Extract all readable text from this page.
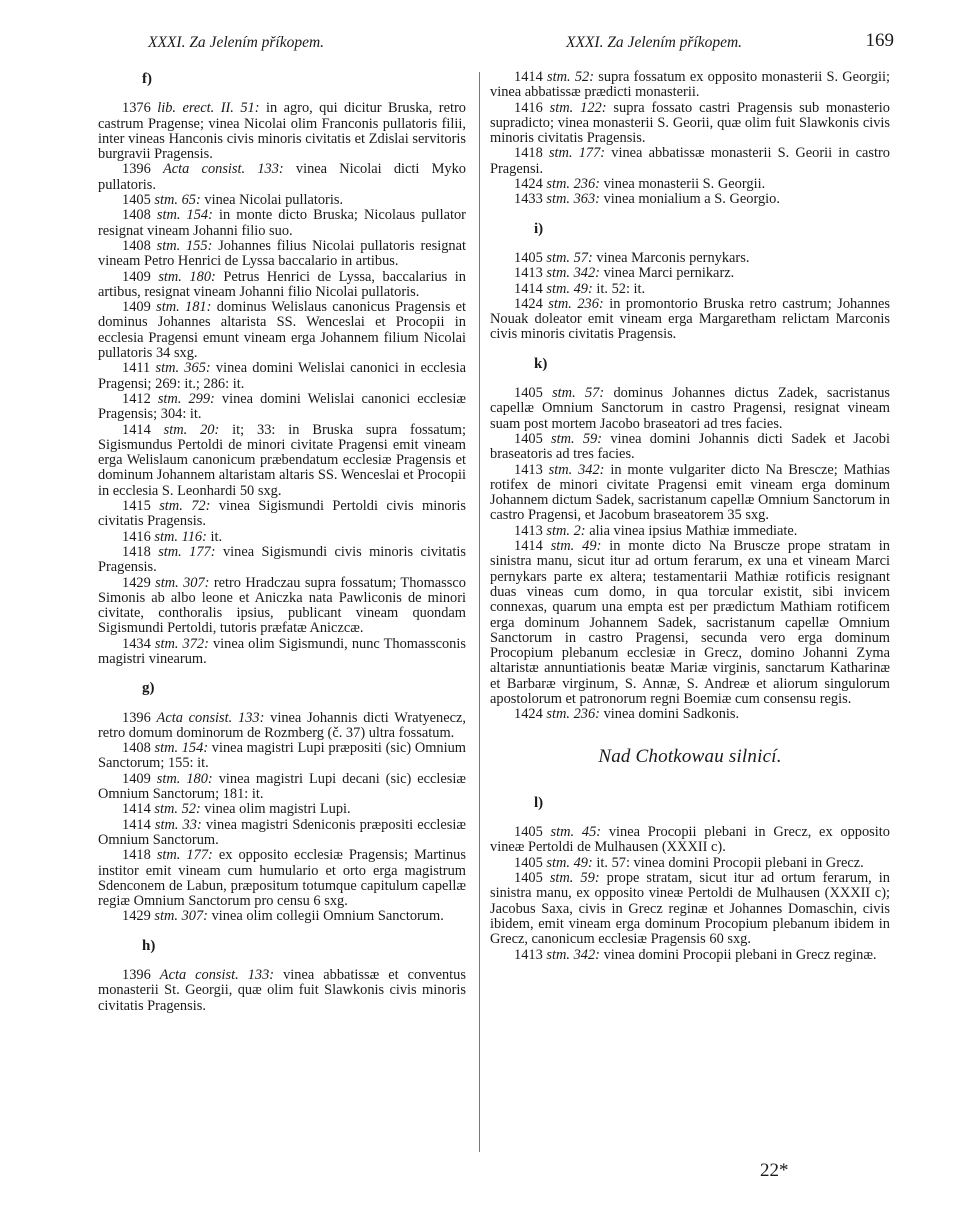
XXXI. Za Jelením příkopem.	XXXI. Za Jelením příkopem.	169
f)

1376 lib. erect. II. 51: in agro, qui dicitur Bruska, retro castrum Pragense; vinea Nicolai olim Franconis pullatoris filii, inter vineas Hanconis civis minoris civitatis et Zdislai servitoris burgravii Pragensis.

1396 Acta consist. 133: vinea Nicolai dicti Myko pullatoris.

1405 stm. 65: vinea Nicolai pullatoris.

1408 stm. 154: in monte dicto Bruska; Nicolaus pullator resignat vineam Johanni filio suo.

1408 stm. 155: Johannes filius Nicolai pullatoris resignat vineam Petro Henrici de Lyssa baccalario in artibus.

1409 stm. 180: Petrus Henrici de Lyssa, baccalarius in artibus, resignat vineam Johanni filio Nicolai pullatoris.

1409 stm. 181: dominus Welislaus canonicus Pragensis et dominus Johannes altarista SS. Wenceslai et Procopii in ecclesia Pragensi emunt vineam erga Johannem filium Nicolai pullatoris 34 sxg.

1411 stm. 365: vinea domini Welislai canonici in ecclesia Pragensi; 269: it.; 286: it.

1412 stm. 299: vinea domini Welislai canonici ecclesiæ Pragensis; 304: it.

1414 stm. 20: it; 33: in Bruska supra fossatum; Sigismundus Pertoldi de minori civitate Pragensi emit vineam erga Welislaum canonicum præbendatum ecclesiæ Pragensis et dominum Johannem altaristam altaris SS. Wenceslai et Procopii in ecclesia S. Leonhardi 50 sxg.

1415 stm. 72: vinea Sigismundi Pertoldi civis minoris civitatis Pragensis.

1416 stm. 116: it.

1418 stm. 177: vinea Sigismundi civis minoris civitatis Pragensis.

1429 stm. 307: retro Hradczau supra fossatum; Thomassco Simonis ab albo leone et Aniczka nata Pawliconis de minori civitate, conthoralis ipsius, publicant vineam quondam Sigismundi Pertoldi, tutoris præfatæ Aniczcæ.

1434 stm. 372: vinea olim Sigismundi, nunc Thomassconis magistri vinearum.

g)

1396 Acta consist. 133: vinea Johannis dicti Wratyenecz, retro domum dominorum de Rozmberg (č. 37) ultra fossatum.

1408 stm. 154: vinea magistri Lupi præpositi (sic) Omnium Sanctorum; 155: it.

1409 stm. 180: vinea magistri Lupi decani (sic) ecclesiæ Omnium Sanctorum; 181: it.

1414 stm. 52: vinea olim magistri Lupi.

1414 stm. 33: vinea magistri Sdeniconis præpositi ecclesiæ Omnium Sanctorum.

1418 stm. 177: ex opposito ecclesiæ Pragensis; Martinus institor emit vineam cum humulario et orto erga magistrum Sdenconem de Labun, præpositum totumque capitulum capellæ regiæ Omnium Sanctorum pro censu 6 sxg.

1429 stm. 307: vinea olim collegii Omnium Sanctorum.

h)

1396 Acta consist. 133: vinea abbatissæ et conventus monasterii St. Georgii, quæ olim fuit Slawkonis civis minoris civitatis Pragensis.

1414 stm. 52: supra fossatum ex opposito monasterii S. Georgii; vinea abbatissæ prædicti monasterii.

1416 stm. 122: supra fossato castri Pragensis sub monasterio supradicto; vinea monasterii S. Georii, quæ olim fuit Slawkonis civis minoris civitatis Pragensis.

1418 stm. 177: vinea abbatissæ monasterii S. Georii in castro Pragensi.

1424 stm. 236: vinea monasterii S. Georgii.

1433 stm. 363: vinea monialium a S. Georgio.

i)

1405 stm. 57: vinea Marconis pernykars.

1413 stm. 342: vinea Marci pernikarz.

1414 stm. 49: it. 52: it.

1424 stm. 236: in promontorio Bruska retro castrum; Johannes Nouak doleator emit vineam erga Margaretham relictam Marconis civis minoris civitatis Pragensis.

k)

1405 stm. 57: dominus Johannes dictus Zadek, sacristanus capellæ Omnium Sanctorum in castro Pragensi, resignat vineam suam post mortem Jacobo braseatori ad tres facies.

1405 stm. 59: vinea domini Johannis dicti Sadek et Jacobi braseatoris ad tres facies.

1413 stm. 342: in monte vulgariter dicto Na Brescze; Mathias rotifex de minori civitate Pragensi emit vineam erga dominum Johannem dictum Sadek, sacristanum capellæ Omnium Sanctorum in castro Pragensi, et Jacobum braseatorem 35 sxg.

1413 stm. 2: alia vinea ipsius Mathiæ immediate.

1414 stm. 49: in monte dicto Na Bruscze prope stratam in sinistra manu, sicut itur ad ortum ferarum, ex una et vineam Marci pernykars parte ex altera; testamentarii Mathiæ rotificis resignant duas vineas cum domo, in qua torcular existit, sibi invicem connexas, quarum una empta est per prædictum Mathiam rotificem erga dominum Johannem Sadek, sacristanum capellæ Omnium Sanctorum in castro Pragensi, secunda vero erga dominum Procopium plebanum ecclesiæ in Grecz, domino Johanni Zyma altaristæ annuntiationis beatæ Mariæ virginis, sanctarum Katharinæ et Barbaræ virginum, S. Annæ, S. Andreæ et aliorum singulorum apostolorum et patronorum regni Boemiæ cum consensu regis.

1424 stm. 236: vinea domini Sadkonis.

Nad Chotkowau silnicí.
l)

1405 stm. 45: vinea Procopii plebani in Grecz, ex opposito vineæ Pertoldi de Mulhausen (XXXII c).

1405 stm. 49: it. 57: vinea domini Procopii plebani in Grecz.

1405 stm. 59: prope stratam, sicut itur ad ortum ferarum, in sinistra manu, ex opposito vineæ Pertoldi de Mulhausen (XXXII c); Jacobus Saxa, civis in Grecz reginæ et Johannes Domaschin, civis ibidem, emit vineam erga dominum Procopium plebanum ibidem in Grecz, canonicum ecclesiæ Pragensis 60 sxg.

1413 stm. 342: vinea domini Procopii plebani in Grecz reginæ.

22*
